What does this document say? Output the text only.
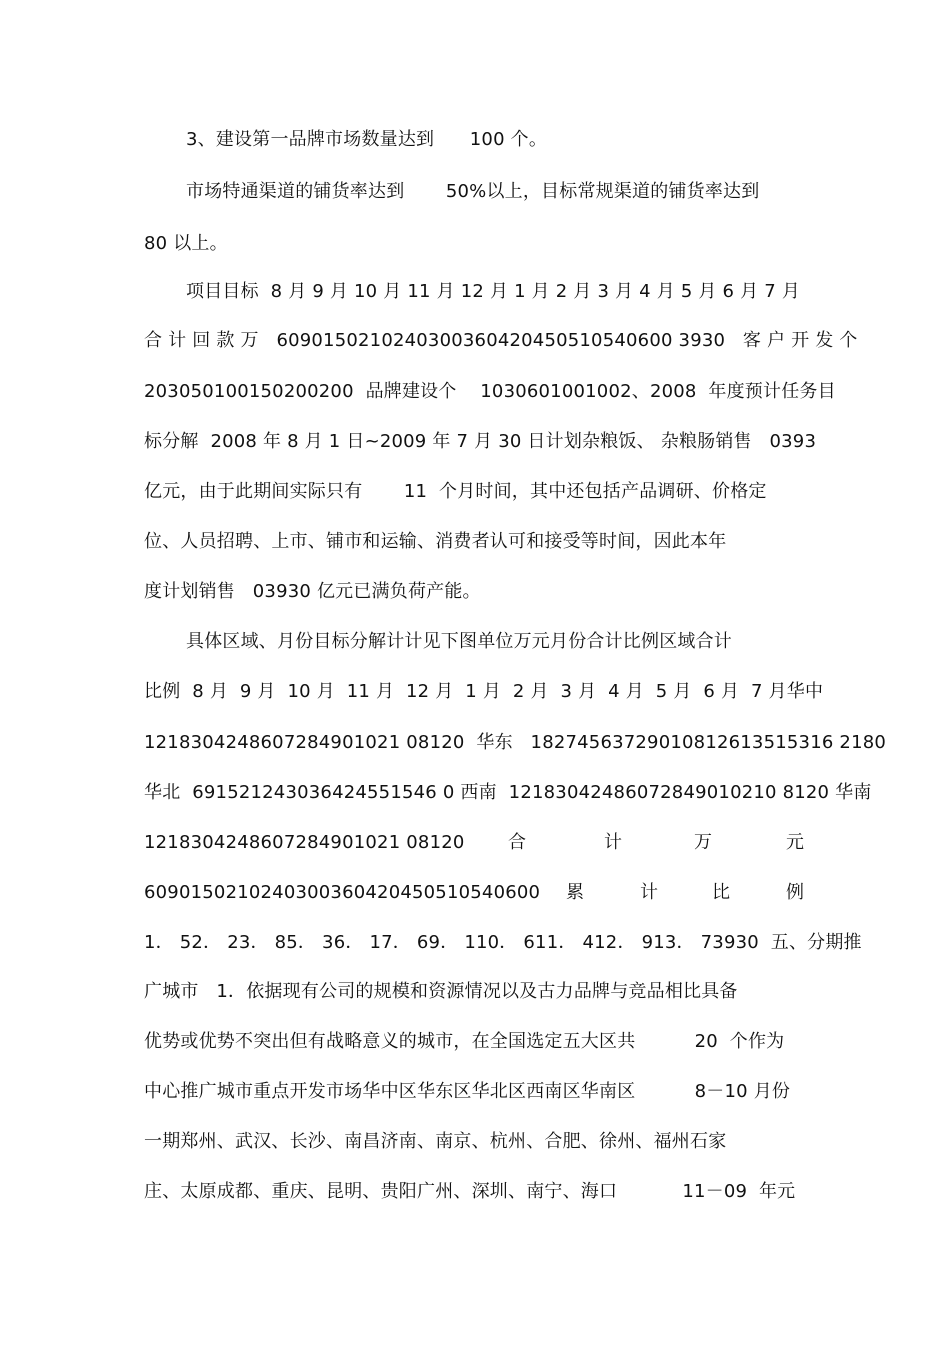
3、建设第一品牌市场数量达到      100 个。
市场特通渠道的铺货率达到       50%以上，目标常规渠道的铺货率达到
80 以上。
项目目标  8 月 9 月 10 月 11 月 12 月 1 月 2 月 3 月 4 月 5 月 6 月 7 月
合 计 回 款 万   6090150210240300360420450510540600 3930   客 户 开 发 个
203050100150200200  品牌建设个    1030601001002、2008  年度预计任务目
标分解  2008 年 8 月 1 日~2009 年 7 月 30 日计划杂粮饭、 杂粮肠销售   0393
亿元，由于此期间实际只有       11  个月时间，其中还包括产品调研、价格定
位、人员招聘、上市、铺市和运输、消费者认可和接受等时间，因此本年
度计划销售   03930 亿元已满负荷产能。
具体区域、月份目标分解计计见下图单位万元月份合计比例区域合计
比例  8 月  9 月  10 月  11 月  12 月  1 月  2 月  3 月  4 月  5 月  6 月  7 月华中
1218304248607284901021 08120  华东   18274563729010812613515316 2180
华北  691521243036424551546 0 西南  12183042486072849010210 8120 华南
1218304248607284901021 08120 合	计	万	元
6090150210240300360420450510540600 累	计	比	例
1． 52． 23． 85． 36． 17． 69． 110． 611． 412． 913． 73930  五、分期推
广城市   1．依据现有公司的规模和资源情况以及古力品牌与竞品相比具备
优势或优势不突出但有战略意义的城市，在全国选定五大区共          20  个作为
中心推广城市重点开发市场华中区华东区华北区西南区华南区          8－10 月份
一期郑州、武汉、长沙、南昌济南、南京、杭州、合肥、徐州、福州石家
庄、太原成都、重庆、昆明、贵阳广州、深圳、南宁、海口           11－09  年元
